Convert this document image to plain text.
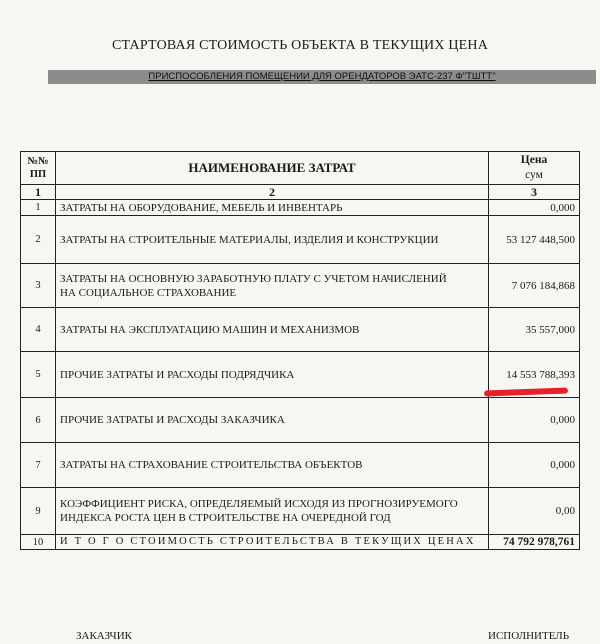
СТАРТОВАЯ СТОИМОСТЬ ОБЪЕКТА В ТЕКУЩИХ ЦЕНА
ПРИСПОСОБЛЕНИЯ ПОМЕЩЕНИИ ДЛЯ ОРЕНДАТОРОВ ЭАТС-237 Ф"ТШТТ"
№№ ПП	НАИМЕНОВАНИЕ ЗАТРАТ	Цена
сум

1	2	3
1	ЗАТРАТЫ НА ОБОРУДОВАНИЕ, МЕБЕЛЬ И ИНВЕНТАРЬ	0,000
2	ЗАТРАТЫ НА СТРОИТЕЛЬНЫЕ МАТЕРИАЛЫ, ИЗДЕЛИЯ И КОНСТРУКЦИИ	53 127 448,500
3	ЗАТРАТЫ НА ОСНОВНУЮ ЗАРАБОТНУЮ ПЛАТУ С УЧЕТОМ НАЧИСЛЕНИЙ НА СОЦИАЛЬНОЕ СТРАХОВАНИЕ	7 076 184,868
4	ЗАТРАТЫ НА ЭКСПЛУАТАЦИЮ МАШИН И МЕХАНИЗМОВ	35 557,000
5	ПРОЧИЕ ЗАТРАТЫ И РАСХОДЫ ПОДРЯДЧИКА	14 553 788,393
6	ПРОЧИЕ ЗАТРАТЫ И РАСХОДЫ ЗАКАЗЧИКА	0,000
7	ЗАТРАТЫ НА СТРАХОВАНИЕ СТРОИТЕЛЬСТВА ОБЪЕКТОВ	0,000
9	КОЭФФИЦИЕНТ РИСКА, ОПРЕДЕЛЯЕМЫЙ ИСХОДЯ ИЗ ПРОГНОЗИРУЕМОГО ИНДЕКСА РОСТА ЦЕН В СТРОИТЕЛЬСТВЕ НА ОЧЕРЕДНОЙ ГОД	0,00
10	И Т О Г О СТОИМОСТЬ СТРОИТЕЛЬСТВА В ТЕКУЩИХ ЦЕНАХ	74 792 978,761
ЗАКАЗЧИК	ИСПОЛНИТЕЛЬ
